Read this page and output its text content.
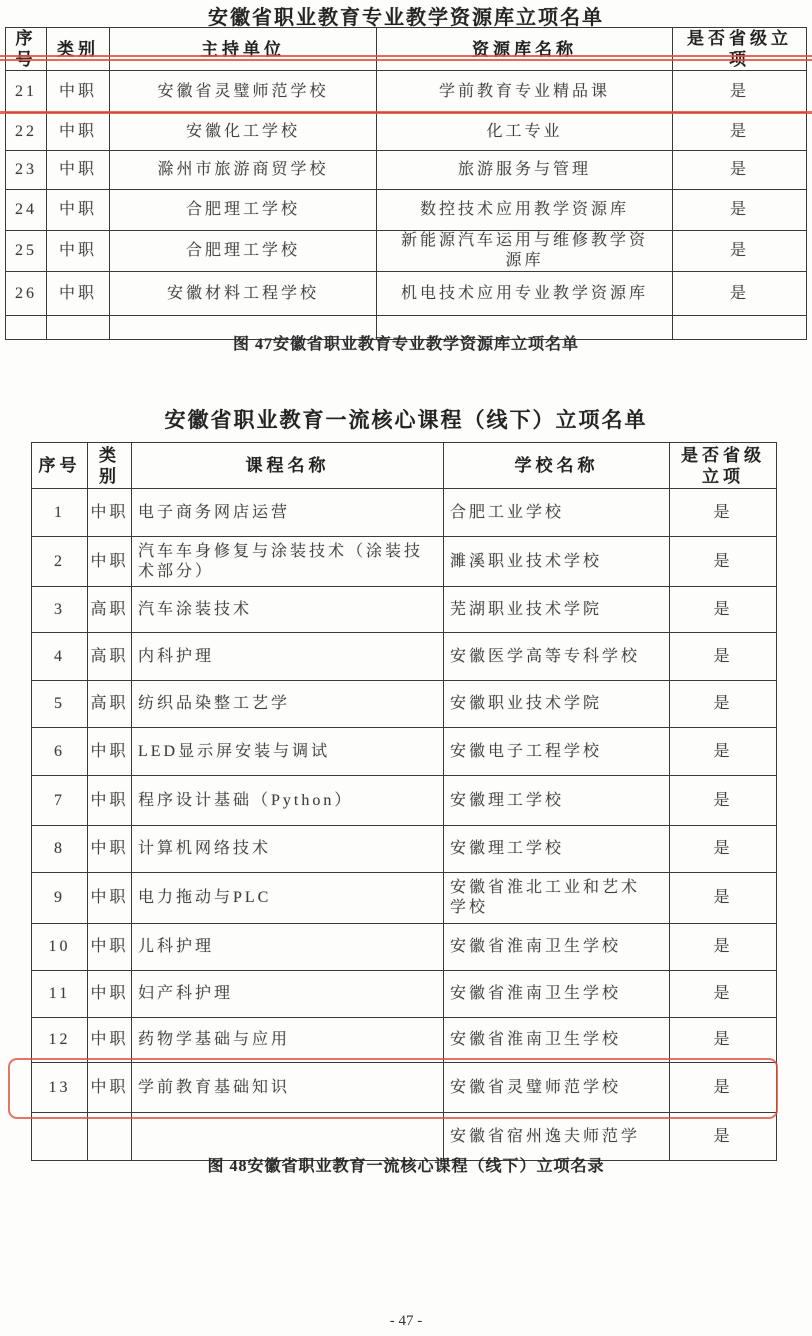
安徽省职业教育专业教学资源库立项名单
序号	类别	主持单位	资源库名称	是否省级立项
21	中职	安徽省灵璧师范学校	学前教育专业精品课	是
22	中职	安徽化工学校	化工专业	是
23	中职	滁州市旅游商贸学校	旅游服务与管理	是
24	中职	合肥理工学校	数控技术应用教学资源库	是
25	中职	合肥理工学校	新能源汽车运用与维修教学资源库	是
26	中职	安徽材料工程学校	机电技术应用专业教学资源库	是

图 47安徽省职业教育专业教学资源库立项名单
安徽省职业教育一流核心课程（线下）立项名单
序号	类别	课程名称	学校名称	是否省级立项
1	中职	电子商务网店运营	合肥工业学校	是
2	中职	汽车车身修复与涂装技术（涂装技术部分）	濉溪职业技术学校	是
3	高职	汽车涂装技术	芜湖职业技术学院	是
4	高职	内科护理	安徽医学高等专科学校	是
5	高职	纺织品染整工艺学	安徽职业技术学院	是
6	中职	LED显示屏安装与调试	安徽电子工程学校	是
7	中职	程序设计基础（Python）	安徽理工学校	是
8	中职	计算机网络技术	安徽理工学校	是
9	中职	电力拖动与PLC	安徽省淮北工业和艺术学校	是
10	中职	儿科护理	安徽省淮南卫生学校	是
11	中职	妇产科护理	安徽省淮南卫生学校	是
12	中职	药物学基础与应用	安徽省淮南卫生学校	是
13	中职	学前教育基础知识	安徽省灵璧师范学校	是
			安徽省宿州逸夫师范学	是
图 48安徽省职业教育一流核心课程（线下）立项名录
- 47 -
